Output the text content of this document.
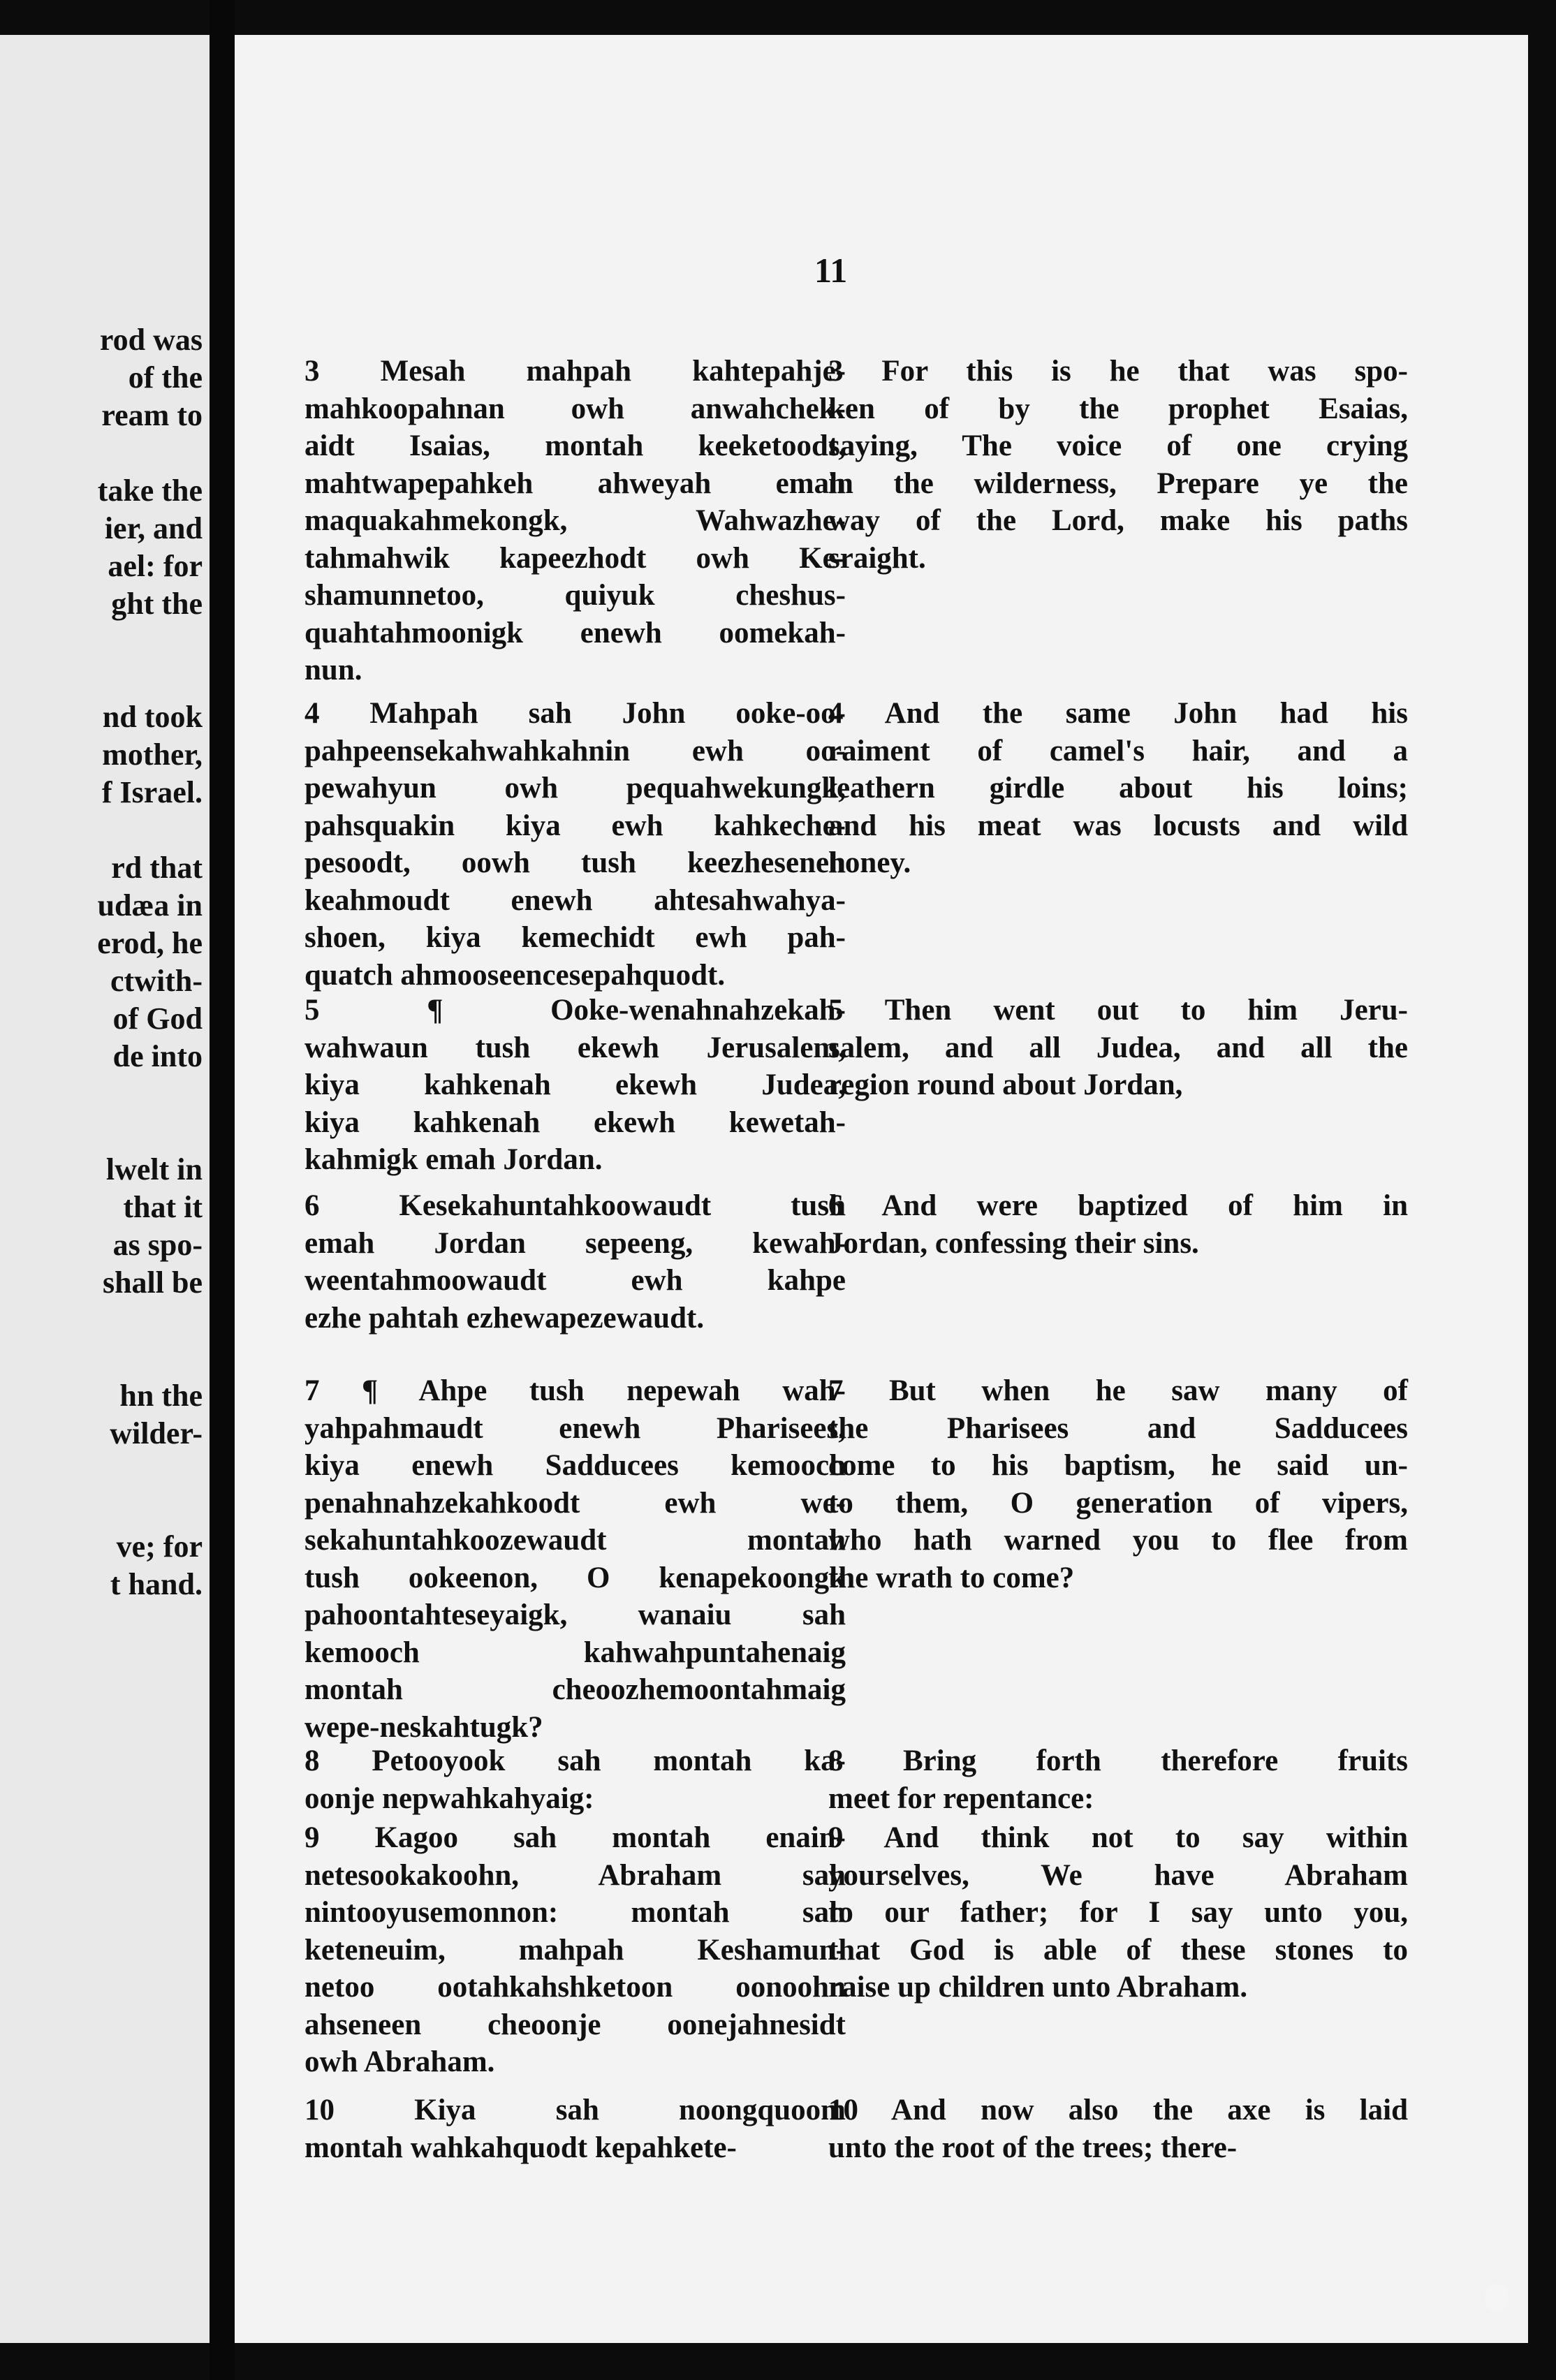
rod was
of the
ream to
take the
ier, and
ael: for
ght the
nd took
mother,
f Israel.
rd that
udæa in
erod, he
ctwith-
of God
de into
lwelt in
that it
as spo-
shall be
hn the
wilder-
ve; for
t hand.
11
3 Mesah mahpah kahtepahje-
mahkoopahnan owh anwahchek-
aidt Isaias, montah keeketoodt,
mahtwapepahkeh ahweyah emah
maquakahmekongk, Wahwazhe-
tahmahwik kapeezhodt owh Ke-
shamunnetoo, quiyuk cheshus-
quahtahmoonigk enewh oomekah-
nun.
4 Mahpah sah John ooke-oo-
pahpeensekahwahkahnin ewh oo-
pewahyun owh pequahwekungk,
pahsquakin kiya ewh kahkeche-
pesoodt, oowh tush keezheseneh
keahmoudt enewh ahtesahwahya-
shoen, kiya kemechidt ewh pah-
quatch ahmooseencesepahquodt.
5 ¶ Ooke-wenahnahzekah-
wahwaun tush ekewh Jerusalem,
kiya kahkenah ekewh Judea,
kiya kahkenah ekewh kewetah-
kahmigk emah Jordan.
6 Kesekahuntahkoowaudt tush
emah Jordan sepeeng, kewah-
weentahmoowaudt ewh kahpe
ezhe pahtah ezhewapezewaudt.
7 ¶ Ahpe tush nepewah wah-
yahpahmaudt enewh Pharisees,
kiya enewh Sadducees kemooch
penahnahzekahkoodt ewh we-
sekahuntahkoozewaudt montah
tush ookeenon, O kenapekoongk
pahoontahteseyaigk, wanaiu sah
kemooch kahwahpuntahenaig
montah cheoozhemoontahmaig
wepe-neskahtugk?
8 Petooyook sah montah ka-
oonje nepwahkahyaig:
9 Kagoo sah montah enain-
netesookakoohn, Abraham sah
nintooyusemonnon: montah sah
keteneuim, mahpah Keshamun-
netoo ootahkahshketoon oonoohn
ahseneen cheoonje oonejahnesidt
owh Abraham.
10 Kiya sah noongquoom
montah wahkahquodt kepahkete-
3 For this is he that was spo-
ken of by the prophet Esaias,
saying, The voice of one crying
in the wilderness, Prepare ye the
way of the Lord, make his paths
sraight.
4 And the same John had his
raiment of camel's hair, and a
leathern girdle about his loins;
and his meat was locusts and wild
honey.
5 Then went out to him Jeru-
salem, and all Judea, and all the
region round about Jordan,
6 And were baptized of him in
Jordan, confessing their sins.
7 But when he saw many of
the Pharisees and Sadducees
come to his baptism, he said un-
to them, O generation of vipers,
who hath warned you to flee from
the wrath to come?
8 Bring forth therefore fruits
meet for repentance:
9 And think not to say within
yourselves, We have Abraham
to our father; for I say unto you,
that God is able of these stones to
raise up children unto Abraham.
10 And now also the axe is laid
unto the root of the trees; there-
